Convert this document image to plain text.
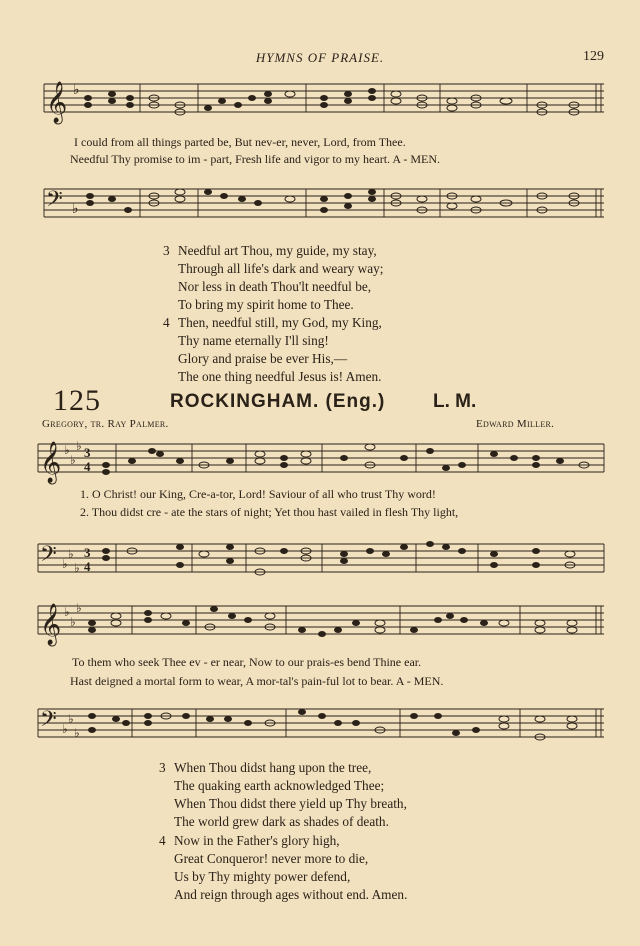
HYMNS OF PRAISE.	129
𝄞 ♭
I could from all things parted be, But nev-er, never, Lord, from Thee.
Needful Thy promise to im - part, Fresh life and vigor to my heart. A - MEN.
𝄢 ♭
3 Needful art Thou, my guide, my stay,
Through all life's dark and weary way;
Nor less in death Thou'lt needful be,
To bring my spirit home to Thee.
4 Then, needful still, my God, my King,
Thy name eternally I'll sing!
Glory and praise be ever His,—
The one thing needful Jesus is! Amen.
125	ROCKINGHAM. (Eng.)	L. M.
Gregory, tr. Ray Palmer.	Edward Miller.
𝄞 ♭
♭
♭ 3
4
1. O Christ! our King, Cre-a-tor, Lord! Saviour of all who trust Thy word!
2. Thou didst cre - ate the stars of night; Yet thou hast vailed in flesh Thy light,
𝄢 ♭
♭
♭
3
4
𝄞 ♭
♭
♭
To them who seek Thee ev - er near, Now to our prais-es bend Thine ear.
Hast deigned a mortal form to wear, A mor-tal's pain-ful lot to bear. A - MEN.
𝄢 ♭
♭
♭
3 When Thou didst hang upon the tree,
The quaking earth acknowledged Thee;
When Thou didst there yield up Thy breath,
The world grew dark as shades of death.
4 Now in the Father's glory high,
Great Conqueror! never more to die,
Us by Thy mighty power defend,
And reign through ages without end. Amen.
